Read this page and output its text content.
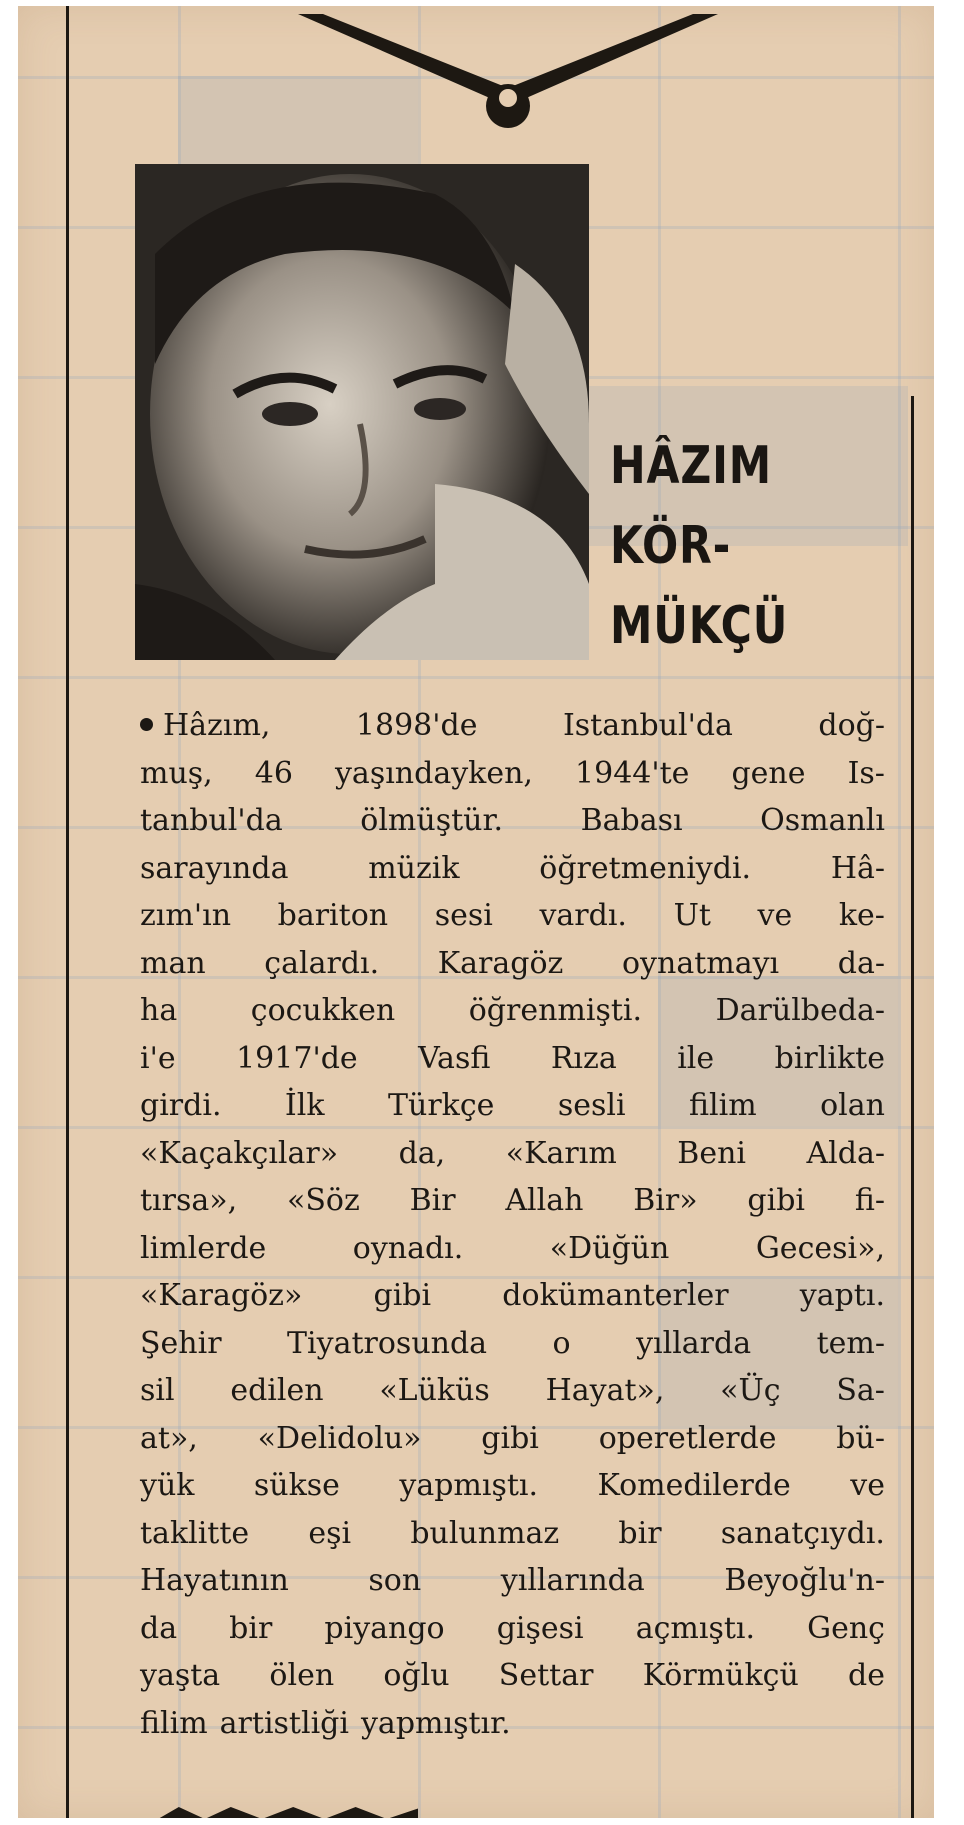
HÂZIM
KÖR-
MÜKÇÜ
Hâzım,	1898'de	Istanbul'da	doğ-
muş, 46 yaşındayken, 1944'te gene Is-
tanbul'da	ölmüştür.	Babası	Osmanlı
sarayında	müzik	öğretmeniydi.	Hâ-
zım'ın bariton sesi vardı. Ut ve ke-
man çalardı. Karagöz oynatmayı da-
ha çocukken öğrenmişti. Darülbeda-
i'e 1917'de Vasfi Rıza ile birlikte
girdi. İlk Türkçe sesli filim olan
«Kaçakçılar» da, «Karım Beni Alda-
tırsa», «Söz Bir Allah Bir» gibi fi-
limlerde	oynadı.	«Düğün	Gecesi»,
«Karagöz» gibi dokümanterler yaptı.
Şehir Tiyatrosunda o yıllarda tem-
sil edilen «Lüküs Hayat», «Üç Sa-
at», «Delidolu» gibi operetlerde bü-
yük sükse yapmıştı. Komedilerde ve
taklitte eşi bulunmaz bir sanatçıydı.
Hayatının	son	yıllarında	Beyoğlu'n-
da bir piyango gişesi açmıştı. Genç
yaşta ölen oğlu Settar Körmükçü de
filim artistliği yapmıştır.
